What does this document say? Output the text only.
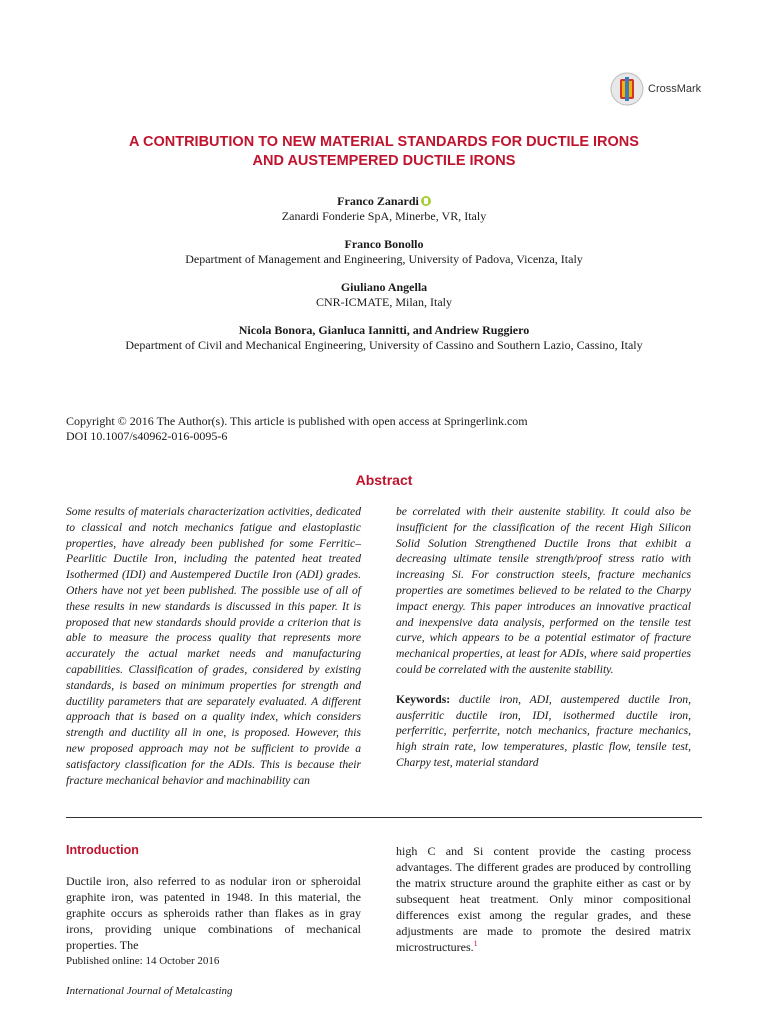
CrossMark
A CONTRIBUTION TO NEW MATERIAL STANDARDS FOR DUCTILE IRONS
AND AUSTEMPERED DUCTILE IRONS
Franco Zanardi
Zanardi Fonderie SpA, Minerbe, VR, Italy
Franco Bonollo
Department of Management and Engineering, University of Padova, Vicenza, Italy
Giuliano Angella
CNR-ICMATE, Milan, Italy
Nicola Bonora, Gianluca Iannitti, and Andriew Ruggiero
Department of Civil and Mechanical Engineering, University of Cassino and Southern Lazio, Cassino, Italy
Copyright © 2016 The Author(s). This article is published with open access at Springerlink.com
DOI 10.1007/s40962-016-0095-6
Abstract
Some results of materials characterization activities, dedicated to classical and notch mechanics fatigue and elastoplastic properties, have already been published for some Ferritic–Pearlitic Ductile Iron, including the patented heat treated Isothermed (IDI) and Austempered Ductile Iron (ADI) grades. Others have not yet been published. The possible use of all of these results in new standards is discussed in this paper. It is proposed that new standards should provide a criterion that is able to measure the process quality that represents more accurately the actual market needs and manufacturing capabilities. Classification of grades, considered by existing standards, is based on minimum properties for strength and ductility parameters that are separately evaluated. A different approach that is based on a quality index, which considers strength and ductility all in one, is proposed. However, this new proposed approach may not be sufficient to provide a satisfactory classification for the ADIs. This is because their fracture mechanical behavior and machinability can
be correlated with their austenite stability. It could also be insufficient for the classification of the recent High Silicon Solid Solution Strengthened Ductile Irons that exhibit a decreasing ultimate tensile strength/proof stress ratio with increasing Si. For construction steels, fracture mechanics properties are sometimes believed to be related to the Charpy impact energy. This paper introduces an innovative practical and inexpensive data analysis, performed on the tensile test curve, which appears to be a potential estimator of fracture mechanical properties, at least for ADIs, where said properties could be correlated with the austenite stability.
Keywords: ductile iron, ADI, austempered ductile Iron, ausferritic ductile iron, IDI, isothermed ductile iron, perferritic, perferrite, notch mechanics, fracture mechanics, high strain rate, low temperatures, plastic flow, tensile test, Charpy test, material standard
Introduction
Ductile iron, also referred to as nodular iron or spheroidal graphite iron, was patented in 1948. In this material, the graphite occurs as spheroids rather than flakes as in gray irons, providing unique combinations of mechanical properties. The
high C and Si content provide the casting process advantages. The different grades are produced by controlling the matrix structure around the graphite either as cast or by subsequent heat treatment. Only minor compositional differences exist among the regular grades, and these adjustments are made to promote the desired matrix microstructures.$^1$
Published online: 14 October 2016
International Journal of Metalcasting
